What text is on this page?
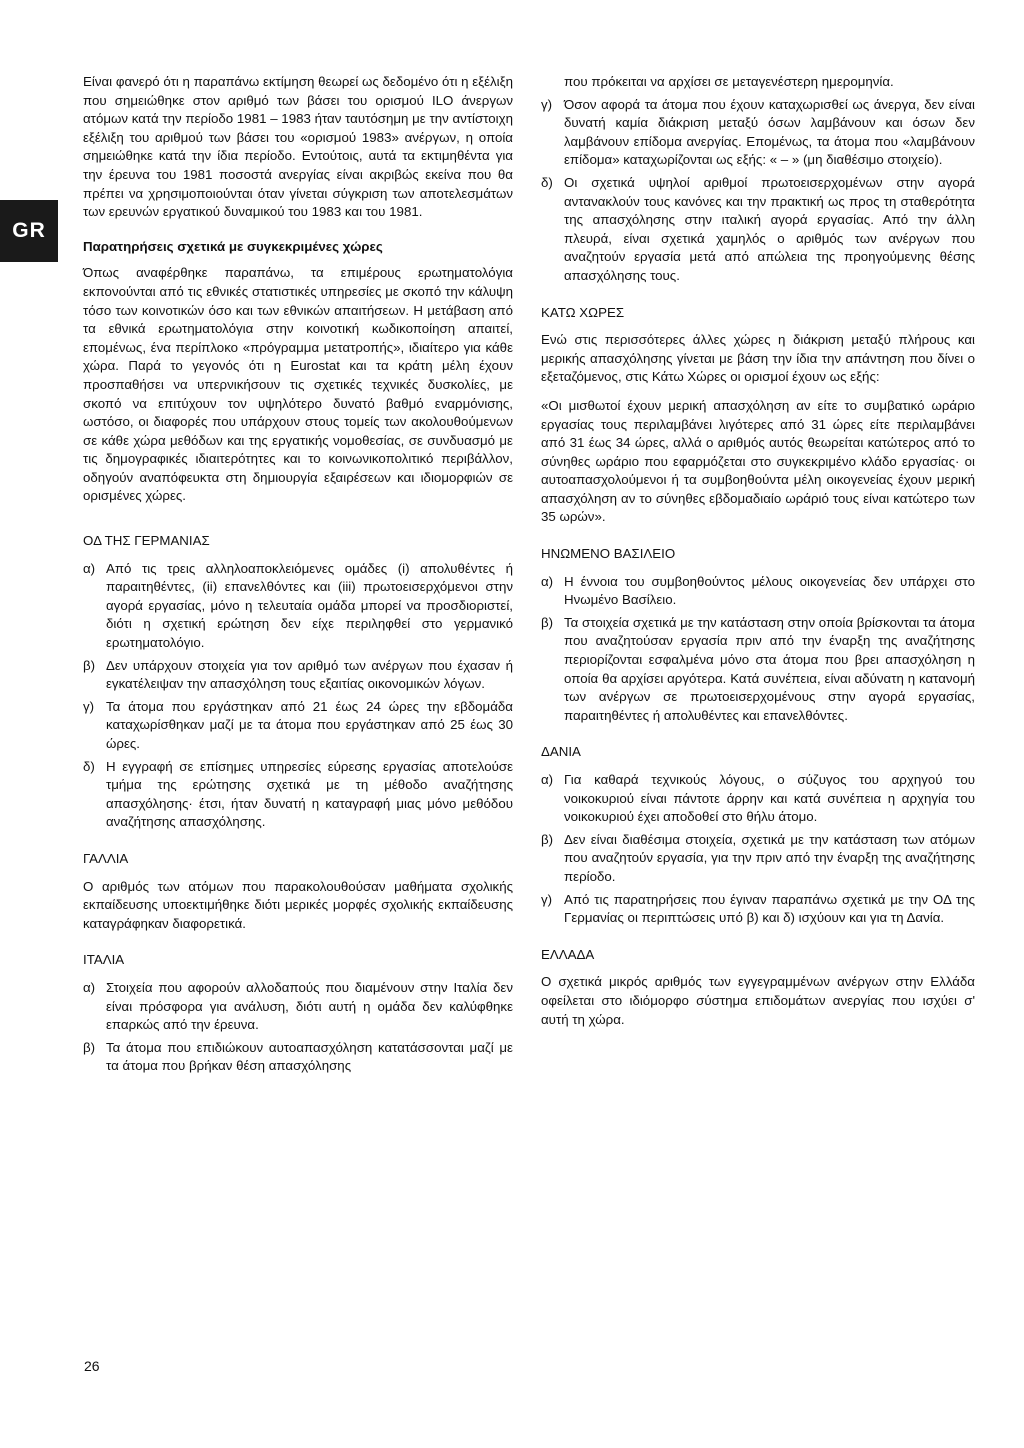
GR

Είναι φανερό ότι η παραπάνω εκτίμηση θεωρεί ως δεδομένο ότι η εξέλιξη που σημειώθηκε στον αριθμό των βάσει του ορισμού ILO άνεργων ατόμων κατά την περίοδο 1981 – 1983 ήταν ταυτόσημη με την αντίστοιχη εξέλιξη του αριθμού των βάσει του «ορισμού 1983» ανέργων, η οποία σημειώθηκε κατά την ίδια περίοδο. Εντούτοις, αυτά τα εκτιμηθέντα για την έρευνα του 1981 ποσοστά ανεργίας είναι ακριβώς εκείνα που θα πρέπει να χρησιμοποιούνται όταν γίνεται σύγκριση των αποτελεσμάτων των ερευνών εργατικού δυναμικού του 1983 και του 1981.

Παρατηρήσεις σχετικά με συγκεκριμένες χώρες

Όπως αναφέρθηκε παραπάνω, τα επιμέρους ερωτηματολόγια εκπονούνται από τις εθνικές στατιστικές υπηρεσίες με σκοπό την κάλυψη τόσο των κοινοτικών όσο και των εθνικών απαιτήσεων. Η μετάβαση από τα εθνικά ερωτηματολόγια στην κοινοτική κωδικοποίηση απαιτεί, επομένως, ένα περίπλοκο «πρόγραμμα μετατροπής», ιδιαίτερο για κάθε χώρα. Παρά το γεγονός ότι η Eurostat και τα κράτη μέλη έχουν προσπαθήσει να υπερνικήσουν τις σχετικές τεχνικές δυσκολίες, με σκοπό να επιτύχουν τον υψηλότερο δυνατό βαθμό εναρμόνισης, ωστόσο, οι διαφορές που υπάρχουν στους τομείς των ακολουθούμενων σε κάθε χώρα μεθόδων και της εργατικής νομοθεσίας, σε συνδυασμό με τις δημογραφικές ιδιαιτερότητες και το κοινωνικοπολιτικό περιβάλλον, οδηγούν αναπόφευκτα στη δημιουργία εξαιρέσεων και ιδιομορφιών σε ορισμένες χώρες.

ΟΔ ΤΗΣ ΓΕΡΜΑΝΙΑΣ

α) Από τις τρεις αλληλοαποκλειόμενες ομάδες (i) απολυθέντες ή παραιτηθέντες, (ii) επανελθόντες και (iii) πρωτοεισερχόμενοι στην αγορά εργασίας, μόνο η τελευταία ομάδα μπορεί να προσδιοριστεί, διότι η σχετική ερώτηση δεν είχε περιληφθεί στο γερμανικό ερωτηματολόγιο.
β) Δεν υπάρχουν στοιχεία για τον αριθμό των ανέργων που έχασαν ή εγκατέλειψαν την απασχόληση τους εξαιτίας οικονομικών λόγων.
γ) Τα άτομα που εργάστηκαν από 21 έως 24 ώρες την εβδομάδα καταχωρίσθηκαν μαζί με τα άτομα που εργάστηκαν από 25 έως 30 ώρες.
δ) Η εγγραφή σε επίσημες υπηρεσίες εύρεσης εργασίας αποτελούσε τμήμα της ερώτησης σχετικά με τη μέθοδο αναζήτησης απασχόλησης· έτσι, ήταν δυνατή η καταγραφή μιας μόνο μεθόδου αναζήτησης απασχόλησης.

ΓΑΛΛΙΑ

Ο αριθμός των ατόμων που παρακολουθούσαν μαθήματα σχολικής εκπαίδευσης υποεκτιμήθηκε διότι μερικές μορφές σχολικής εκπαίδευσης καταγράφηκαν διαφορετικά.

ΙΤΑΛΙΑ

α) Στοιχεία που αφορούν αλλοδαπούς που διαμένουν στην Ιταλία δεν είναι πρόσφορα για ανάλυση, διότι αυτή η ομάδα δεν καλύφθηκε επαρκώς από την έρευνα.
β) Τα άτομα που επιδιώκουν αυτοαπασχόληση κατατάσσονται μαζί με τα άτομα που βρήκαν θέση απασχόλησης
που πρόκειται να αρχίσει σε μεταγενέστερη ημερομηνία.
γ) Όσον αφορά τα άτομα που έχουν καταχωρισθεί ως άνεργα, δεν είναι δυνατή καμία διάκριση μεταξύ όσων λαμβάνουν και όσων δεν λαμβάνουν επίδομα ανεργίας. Επομένως, τα άτομα που «λαμβάνουν επίδομα» καταχωρίζονται ως εξής: « – » (μη διαθέσιμο στοιχείο).
δ) Οι σχετικά υψηλοί αριθμοί πρωτοεισερχομένων στην αγορά αντανακλούν τους κανόνες και την πρακτική ως προς τη σταθερότητα της απασχόλησης στην ιταλική αγορά εργασίας. Από την άλλη πλευρά, είναι σχετικά χαμηλός ο αριθμός των ανέργων που αναζητούν εργασία μετά από απώλεια της προηγούμενης θέσης απασχόλησης τους.

ΚΑΤΩ ΧΩΡΕΣ

Ενώ στις περισσότερες άλλες χώρες η διάκριση μεταξύ πλήρους και μερικής απασχόλησης γίνεται με βάση την ίδια την απάντηση που δίνει ο εξεταζόμενος, στις Κάτω Χώρες οι ορισμοί έχουν ως εξής:

«Οι μισθωτοί έχουν μερική απασχόληση αν είτε το συμβατικό ωράριο εργασίας τους περιλαμβάνει λιγότερες από 31 ώρες είτε περιλαμβάνει από 31 έως 34 ώρες, αλλά ο αριθμός αυτός θεωρείται κατώτερος από το σύνηθες ωράριο που εφαρμόζεται στο συγκεκριμένο κλάδο εργασίας· οι αυτοαπασχολούμενοι ή τα συμβοηθούντα μέλη οικογενείας έχουν μερική απασχόληση αν το σύνηθες εβδομαδιαίο ωράριό τους είναι κατώτερο των 35 ωρών».

ΗΝΩΜΕΝΟ ΒΑΣΙΛΕΙΟ

α) Η έννοια του συμβοηθούντος μέλους οικογενείας δεν υπάρχει στο Ηνωμένο Βασίλειο.
β) Τα στοιχεία σχετικά με την κατάσταση στην οποία βρίσκονται τα άτομα που αναζητούσαν εργασία πριν από την έναρξη της αναζήτησης περιορίζονται εσφαλμένα μόνο στα άτομα που βρει απασχόληση η οποία θα αρχίσει αργότερα. Κατά συνέπεια, είναι αδύνατη η κατανομή των ανέργων σε πρωτοεισερχομένους στην αγορά εργασίας, παραιτηθέντες ή απολυθέντες και επανελθόντες.

ΔΑΝΙΑ

α) Για καθαρά τεχνικούς λόγους, ο σύζυγος του αρχηγού του νοικοκυριού είναι πάντοτε άρρην και κατά συνέπεια η αρχηγία του νοικοκυριού έχει αποδοθεί στο θήλυ άτομο.
β) Δεν είναι διαθέσιμα στοιχεία, σχετικά με την κατάσταση των ατόμων που αναζητούν εργασία, για την πριν από την έναρξη της αναζήτησης περίοδο.
γ) Από τις παρατηρήσεις που έγιναν παραπάνω σχετικά με την ΟΔ της Γερμανίας οι περιπτώσεις υπό β) και δ) ισχύουν και για τη Δανία.

ΕΛΛΑΔΑ

Ο σχετικά μικρός αριθμός των εγγεγραμμένων ανέργων στην Ελλάδα οφείλεται στο ιδιόμορφο σύστημα επιδομάτων ανεργίας που ισχύει σ' αυτή τη χώρα.

26
